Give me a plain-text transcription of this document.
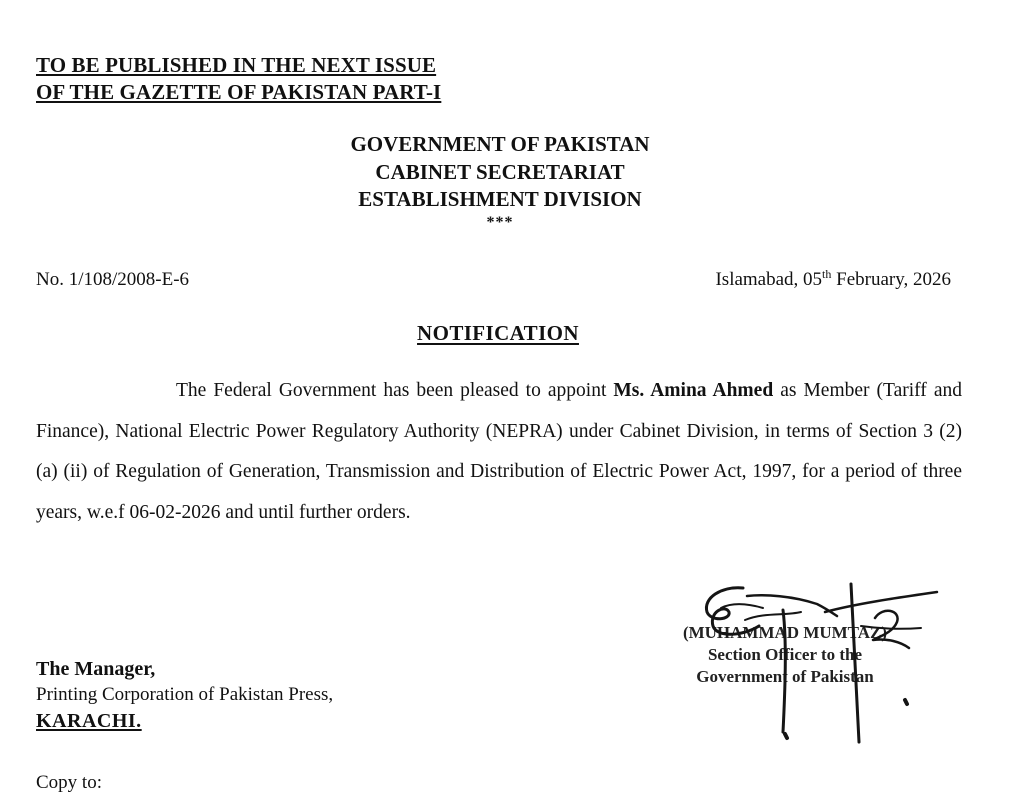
TO BE PUBLISHED IN THE NEXT ISSUE
OF THE GAZETTE OF PAKISTAN PART-I
GOVERNMENT OF PAKISTAN
CABINET SECRETARIAT
ESTABLISHMENT DIVISION
***
No. 1/108/2008-E-6	Islamabad, 05th February, 2026
NOTIFICATION

The Federal Government has been pleased to appoint Ms. Amina Ahmed as Member (Tariff and Finance), National Electric Power Regulatory Authority (NEPRA) under Cabinet Division, in terms of Section 3 (2) (a) (ii) of Regulation of Generation, Transmission and Distribution of Electric Power Act, 1997, for a period of three years, w.e.f 06-02-2026 and until further orders.

(MUHAMMAD MUMTAZ)
Section Officer to the
Government of Pakistan
The Manager,
Printing Corporation of Pakistan Press,
KARACHI.
Copy to:
